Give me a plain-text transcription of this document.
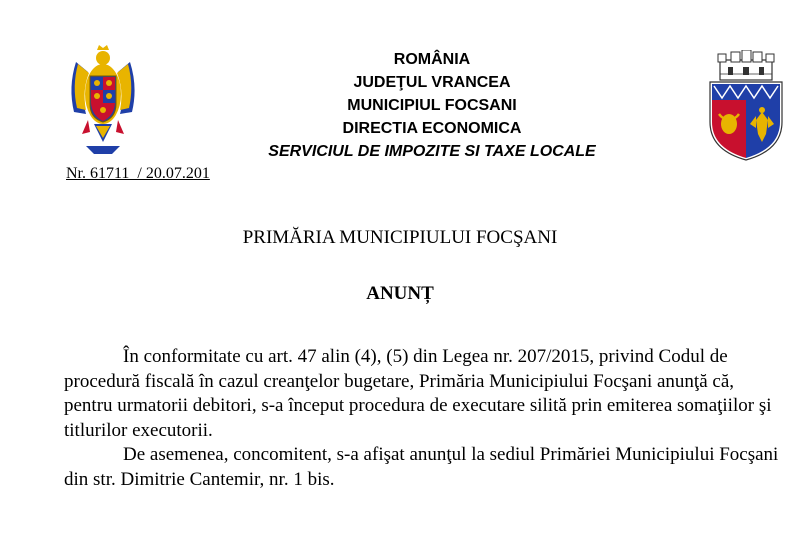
ROMÂNIA
JUDEŢUL VRANCEA
MUNICIPIUL FOCSANI
DIRECTIA ECONOMICA
SERVICIUL DE IMPOZITE SI TAXE LOCALE
Nr. 61711  / 20.07.201
PRIMĂRIA MUNICIPIULUI FOCŞANI
ANUNȚ

În conformitate cu art. 47 alin (4), (5) din Legea nr. 207/2015, privind Codul de procedură fiscală în cazul creanţelor bugetare, Primăria Municipiului Focşani anunţă că, pentru urmatorii debitori, s-a început procedura de executare silită prin emiterea somaţiilor şi titlurilor executorii.

De asemenea, concomitent, s-a afişat anunţul la sediul Primăriei Municipiului Focşani din str. Dimitrie Cantemir, nr. 1 bis.
